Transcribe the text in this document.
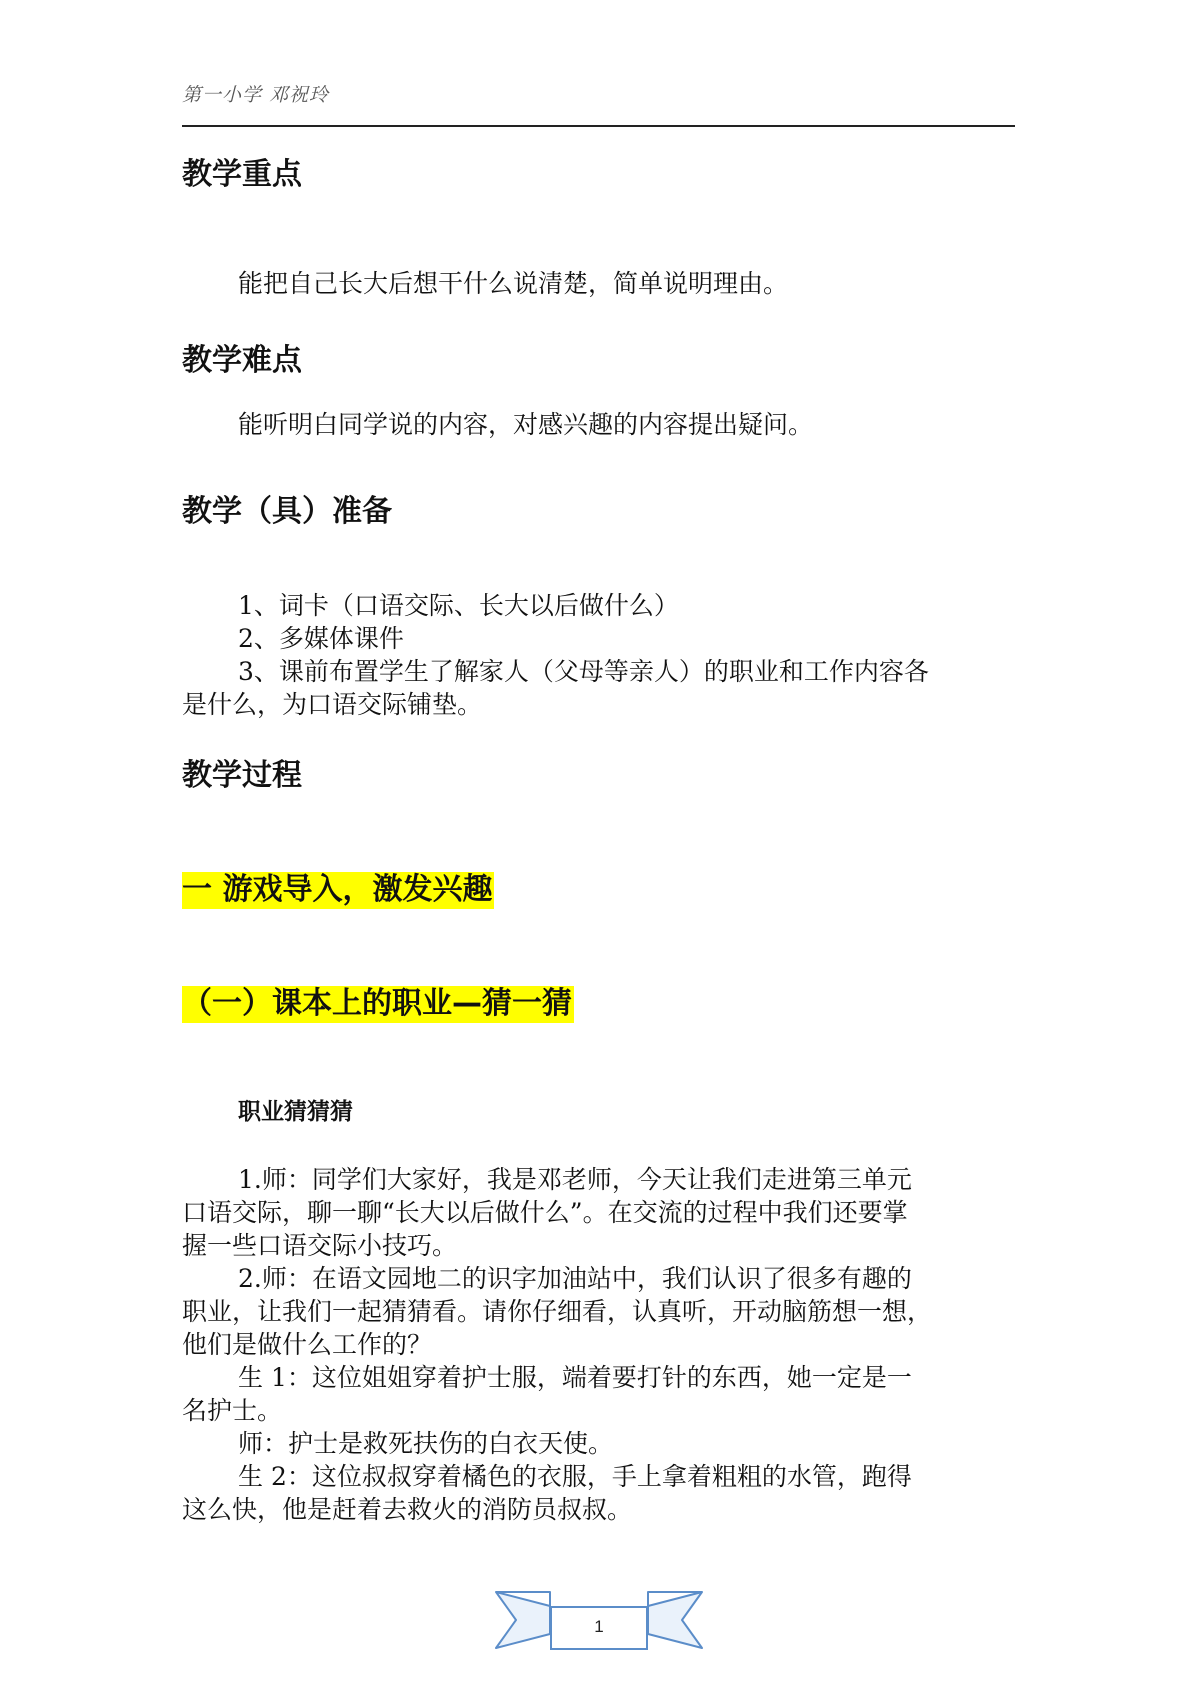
第一小学 邓祝玲
教学重点
能把自己长大后想干什么说清楚，简单说明理由。
教学难点
能听明白同学说的内容，对感兴趣的内容提出疑问。
教学（具）准备
1、词卡（口语交际、长大以后做什么）
2、多媒体课件
3、课前布置学生了解家人（父母等亲人）的职业和工作内容各
是什么，为口语交际铺垫。
教学过程
一 游戏导入，激发兴趣
（一）课本上的职业—猜一猜
职业猜猜猜
1.师：同学们大家好，我是邓老师，今天让我们走进第三单元
口语交际，聊一聊“长大以后做什么”。在交流的过程中我们还要掌
握一些口语交际小技巧。
2.师：在语文园地二的识字加油站中，我们认识了很多有趣的
职业，让我们一起猜猜看。请你仔细看，认真听，开动脑筋想一想，
他们是做什么工作的？
生 1：这位姐姐穿着护士服，端着要打针的东西，她一定是一
名护士。
师：护士是救死扶伤的白衣天使。
生 2：这位叔叔穿着橘色的衣服，手上拿着粗粗的水管，跑得
这么快，他是赶着去救火的消防员叔叔。
1
